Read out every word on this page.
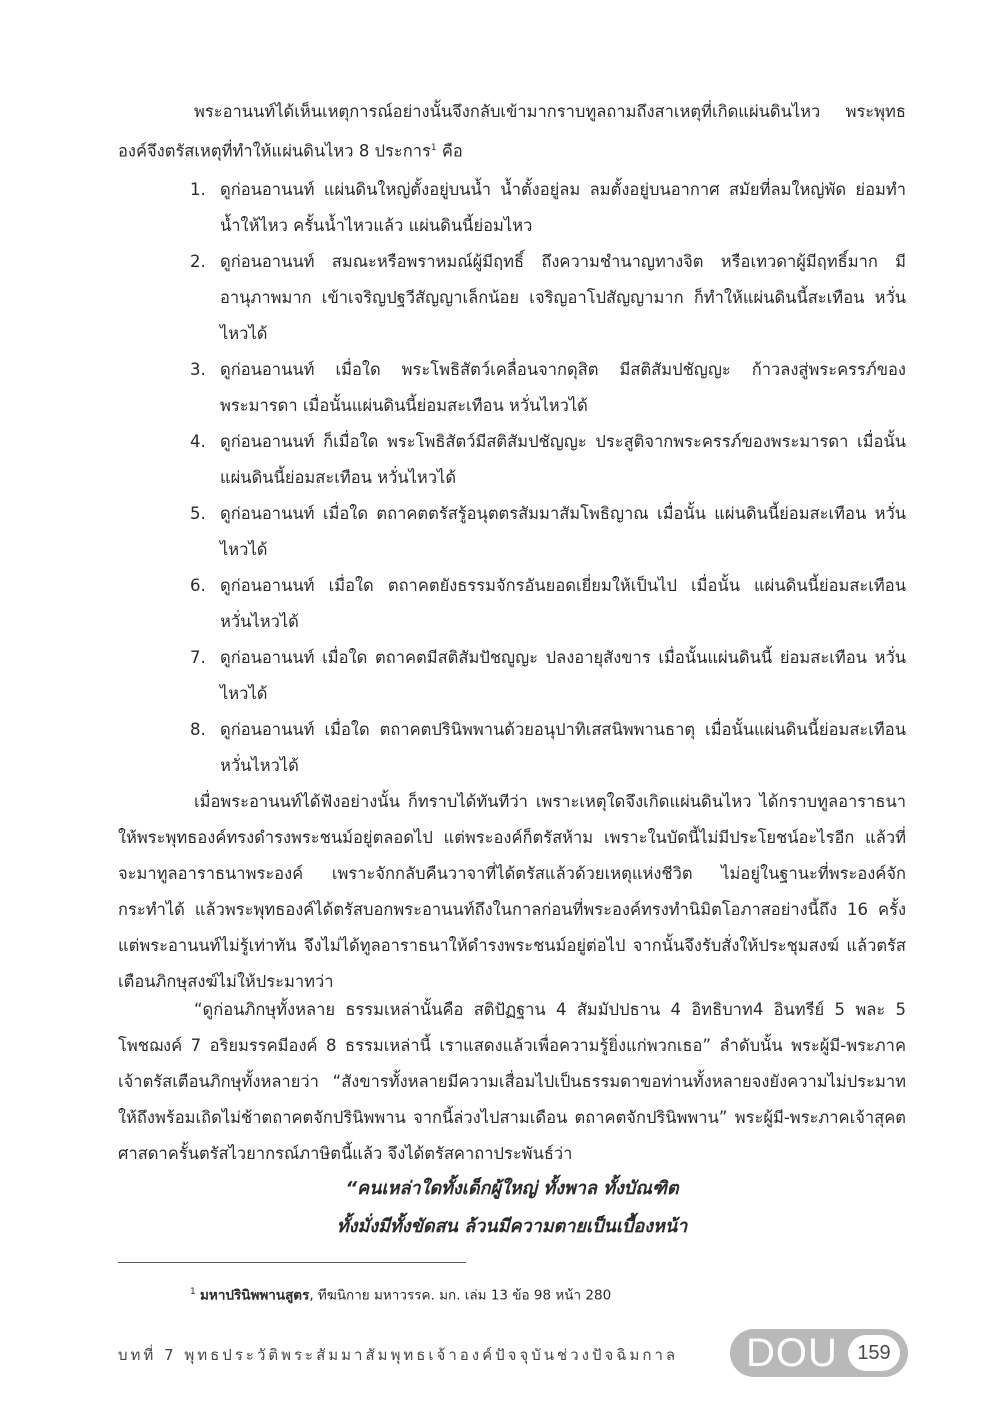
พระอานนท์ได้เห็นเหตุการณ์อย่างนั้นจึงกลับเข้ามากราบทูลถามถึงสาเหตุที่เกิดแผ่นดินไหว พระพุทธองค์จึงตรัสเหตุที่ทำให้แผ่นดินไหว 8 ประการ$^1$ คือ
1. ดูก่อนอานนท์ แผ่นดินใหญ่ตั้งอยู่บนน้ำ น้ำตั้งอยู่ลม ลมตั้งอยู่บนอากาศ สมัยที่ลมใหญ่พัด ย่อมทำน้ำให้ไหว ครั้นน้ำไหวแล้ว แผ่นดินนี้ย่อมไหว
2. ดูก่อนอานนท์ สมณะหรือพราหมณ์ผู้มีฤทธิ์ ถึงความชำนาญทางจิต หรือเทวดาผู้มีฤทธิ์มาก มีอานุภาพมาก เข้าเจริญปฐวีสัญญาเล็กน้อย เจริญอาโปสัญญามาก ก็ทำให้แผ่นดินนี้สะเทือน หวั่นไหวได้
3. ดูก่อนอานนท์ เมื่อใด พระโพธิสัตว์เคลื่อนจากดุสิต มีสติสัมปชัญญะ ก้าวลงสู่พระครรภ์ของพระมารดา เมื่อนั้นแผ่นดินนี้ย่อมสะเทือน หวั่นไหวได้
4. ดูก่อนอานนท์ ก็เมื่อใด พระโพธิสัตว์มีสติสัมปชัญญะ ประสูติจากพระครรภ์ของพระมารดา เมื่อนั้นแผ่นดินนี้ย่อมสะเทือน หวั่นไหวได้
5. ดูก่อนอานนท์ เมื่อใด ตถาคตตรัสรู้อนุตตรสัมมาสัมโพธิญาณ เมื่อนั้น แผ่นดินนี้ย่อมสะเทือน หวั่นไหวได้
6. ดูก่อนอานนท์ เมื่อใด ตถาคตยังธรรมจักรอันยอดเยี่ยมให้เป็นไป เมื่อนั้น แผ่นดินนี้ย่อมสะเทือน หวั่นไหวได้
7. ดูก่อนอานนท์ เมื่อใด ตถาคตมีสติสัมปัชญูญะ ปลงอายุสังขาร เมื่อนั้นแผ่นดินนี้ ย่อมสะเทือน หวั่นไหวได้
8. ดูก่อนอานนท์ เมื่อใด ตถาคตปรินิพพานด้วยอนุปาทิเสสนิพพานธาตุ เมื่อนั้นแผ่นดินนี้ย่อมสะเทือน หวั่นไหวได้
เมื่อพระอานนท์ได้ฟังอย่างนั้น ก็ทราบได้ทันทีว่า เพราะเหตุใดจึงเกิดแผ่นดินไหว ได้กราบทูลอาราธนาให้พระพุทธองค์ทรงดำรงพระชนม์อยู่ตลอดไป แต่พระองค์ก็ตรัสห้าม เพราะในบัดนี้ไม่มีประโยชน์อะไรอีก แล้วที่จะมาทูลอาราธนาพระองค์ เพราะจักกลับคืนวาจาที่ได้ตรัสแล้วด้วยเหตุแห่งชีวิต ไม่อยู่ในฐานะที่พระองค์จักกระทำได้ แล้วพระพุทธองค์ได้ตรัสบอกพระอานนท์ถึงในกาลก่อนที่พระองค์ทรงทำนิมิตโอภาสอย่างนี้ถึง 16 ครั้ง แต่พระอานนท์ไม่รู้เท่าทัน จึงไม่ได้ทูลอาราธนาให้ดำรงพระชนม์อยู่ต่อไป จากนั้นจึงรับสั่งให้ประชุมสงฆ์ แล้วตรัสเตือนภิกษุสงฆ์ไม่ให้ประมาทว่า
“ดูก่อนภิกษุทั้งหลาย ธรรมเหล่านั้นคือ สติปัฏฐาน 4 สัมมัปปธาน 4 อิทธิบาท4 อินทรีย์ 5 พละ 5 โพชฌงค์ 7 อริยมรรคมีองค์ 8 ธรรมเหล่านี้ เราแสดงแล้วเพื่อความรู้ยิ่งแก่พวกเธอ” ลำดับนั้น พระผู้มี-พระภาคเจ้าตรัสเตือนภิกษุทั้งหลายว่า “สังขารทั้งหลายมีความเสื่อมไปเป็นธรรมดาขอท่านทั้งหลายจงยังความไม่ประมาทให้ถึงพร้อมเถิดไม่ช้าตถาคตจักปรินิพพาน จากนี้ล่วงไปสามเดือน ตถาคตจักปรินิพพาน” พระผู้มี-พระภาคเจ้าสุคตศาสดาครั้นตรัสไวยากรณ์ภาษิตนี้แล้ว จึงได้ตรัสคาถาประพันธ์ว่า
“คนเหล่าใดทั้งเด็กผู้ใหญ่ ทั้งพาล ทั้งบัณฑิต
ทั้งมั่งมีทั้งขัดสน ล้วนมีความตายเป็นเบื้องหน้า
$^1$ มหาปรินิพพานสูตร, ทีฆนิกาย มหาวรรค. มก. เล่ม 13 ข้อ 98 หน้า 280
บทที่ 7 พุทธประวัติพระสัมมาสัมพุทธเจ้าองค์ปัจจุบันช่วงปัจฉิมกาล DOU 159
